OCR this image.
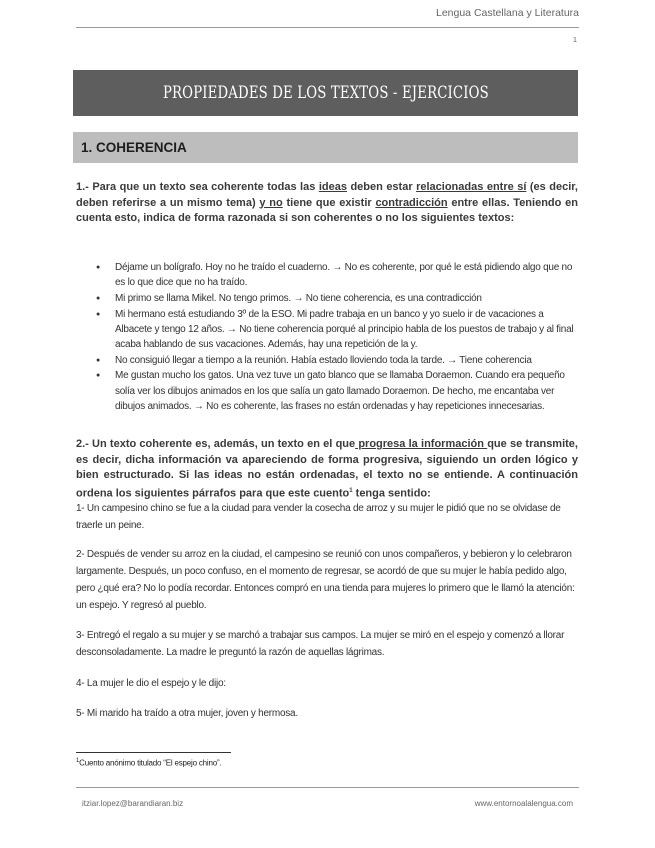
Lengua Castellana y Literatura
1
PROPIEDADES DE LOS TEXTOS - EJERCICIOS
1. COHERENCIA
1.- Para que un texto sea coherente todas las ideas deben estar relacionadas entre sí (es decir, deben referirse a un mismo tema) y no tiene que existir contradicción entre ellas. Teniendo en cuenta esto, indica de forma razonada si son coherentes o no los siguientes textos:
● Déjame un bolígrafo. Hoy no he traído el cuaderno. → No es coherente, por qué le está pidiendo algo que no es lo que dice que no ha traído.
● Mi primo se llama Mikel. No tengo primos. → No tiene coherencia, es una contradicción
● Mi hermano está estudiando 3º de la ESO. Mi padre trabaja en un banco y yo suelo ir de vacaciones a Albacete y tengo 12 años. → No tiene coherencia porqué al principio habla de los puestos de trabajo y al final acaba hablando de sus vacaciones. Además, hay una repetición de la y.
● No consiguió llegar a tiempo a la reunión. Había estado lloviendo toda la tarde. → Tiene coherencia
● Me gustan mucho los gatos. Una vez tuve un gato blanco que se llamaba Doraemon. Cuando era pequeño solía ver los dibujos animados en los que salía un gato llamado Doraemon. De hecho, me encantaba ver dibujos animados. → No es coherente, las frases no están ordenadas y hay repeticiones innecesarias.
2.- Un texto coherente es, además, un texto en el que progresa la información que se transmite, es decir, dicha información va apareciendo de forma progresiva, siguiendo un orden lógico y bien estructurado. Si las ideas no están ordenadas, el texto no se entiende. A continuación ordena los siguientes párrafos para que este cuento$^1$ tenga sentido:
1- Un campesino chino se fue a la ciudad para vender la cosecha de arroz y su mujer le pidió que no se olvidase de traerle un peine.
2- Después de vender su arroz en la ciudad, el campesino se reunió con unos compañeros, y bebieron y lo celebraron largamente. Después, un poco confuso, en el momento de regresar, se acordó de que su mujer le había pedido algo, pero ¿qué era? No lo podía recordar. Entonces compró en una tienda para mujeres lo primero que le llamó la atención: un espejo. Y regresó al pueblo.
3- Entregó el regalo a su mujer y se marchó a trabajar sus campos. La mujer se miró en el espejo y comenzó a llorar desconsoladamente. La madre le preguntó la razón de aquellas lágrimas.
4- La mujer le dio el espejo y le dijo:
5- Mi marido ha traído a otra mujer, joven y hermosa.
$^1$Cuento anónimo titulado “El espejo chino”.
itziar.lopez@barandiaran.biz	www.entornoalalengua.com
